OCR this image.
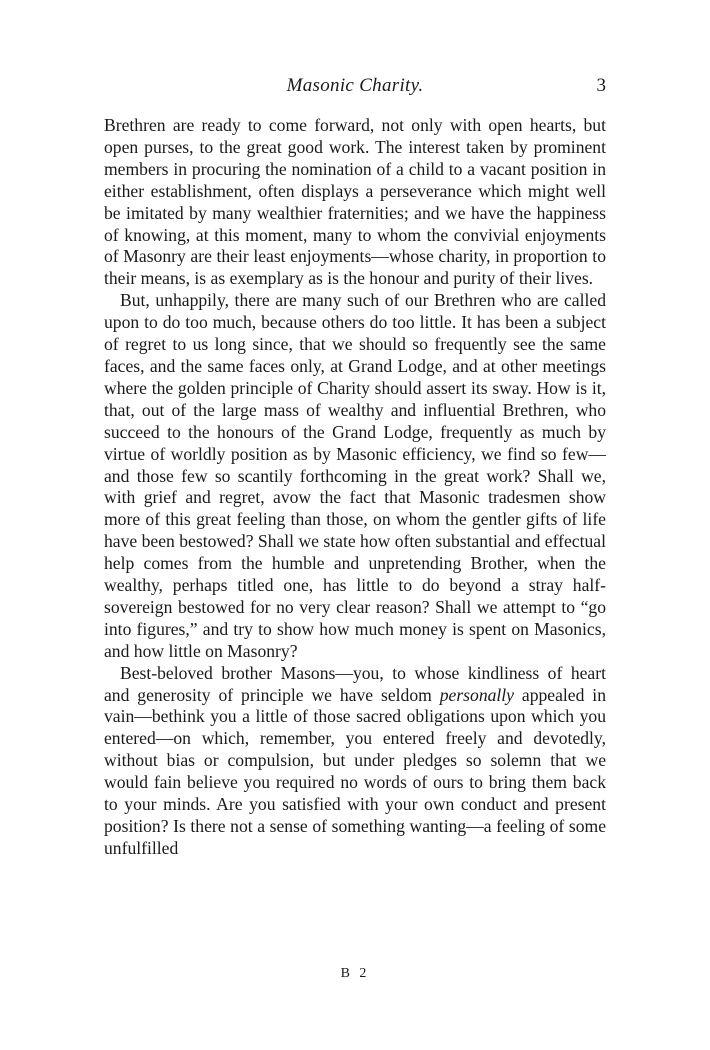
Masonic Charity.	3

Brethren are ready to come forward, not only with open hearts, but open purses, to the great good work. The interest taken by prominent members in procuring the nomination of a child to a vacant position in either establishment, often displays a perseverance which might well be imitated by many wealthier fraternities; and we have the happiness of knowing, at this moment, many to whom the convivial enjoyments of Masonry are their least enjoyments—whose charity, in proportion to their means, is as exemplary as is the honour and purity of their lives.

But, unhappily, there are many such of our Brethren who are called upon to do too much, because others do too little. It has been a subject of regret to us long since, that we should so frequently see the same faces, and the same faces only, at Grand Lodge, and at other meetings where the golden principle of Charity should assert its sway. How is it, that, out of the large mass of wealthy and influential Brethren, who succeed to the honours of the Grand Lodge, frequently as much by virtue of worldly position as by Masonic efficiency, we find so few—and those few so scantily forthcoming in the great work? Shall we, with grief and regret, avow the fact that Masonic tradesmen show more of this great feeling than those, on whom the gentler gifts of life have been bestowed? Shall we state how often substantial and effectual help comes from the humble and unpretending Brother, when the wealthy, perhaps titled one, has little to do beyond a stray half-sovereign bestowed for no very clear reason? Shall we attempt to “go into figures,” and try to show how much money is spent on Masonics, and how little on Masonry?

Best-beloved brother Masons—you, to whose kindliness of heart and generosity of principle we have seldom personally appealed in vain—bethink you a little of those sacred obligations upon which you entered—on which, remember, you entered freely and devotedly, without bias or compulsion, but under pledges so solemn that we would fain believe you required no words of ours to bring them back to your minds. Are you satisfied with your own conduct and present position? Is there not a sense of something wanting—a feeling of some unfulfilled

B 2
